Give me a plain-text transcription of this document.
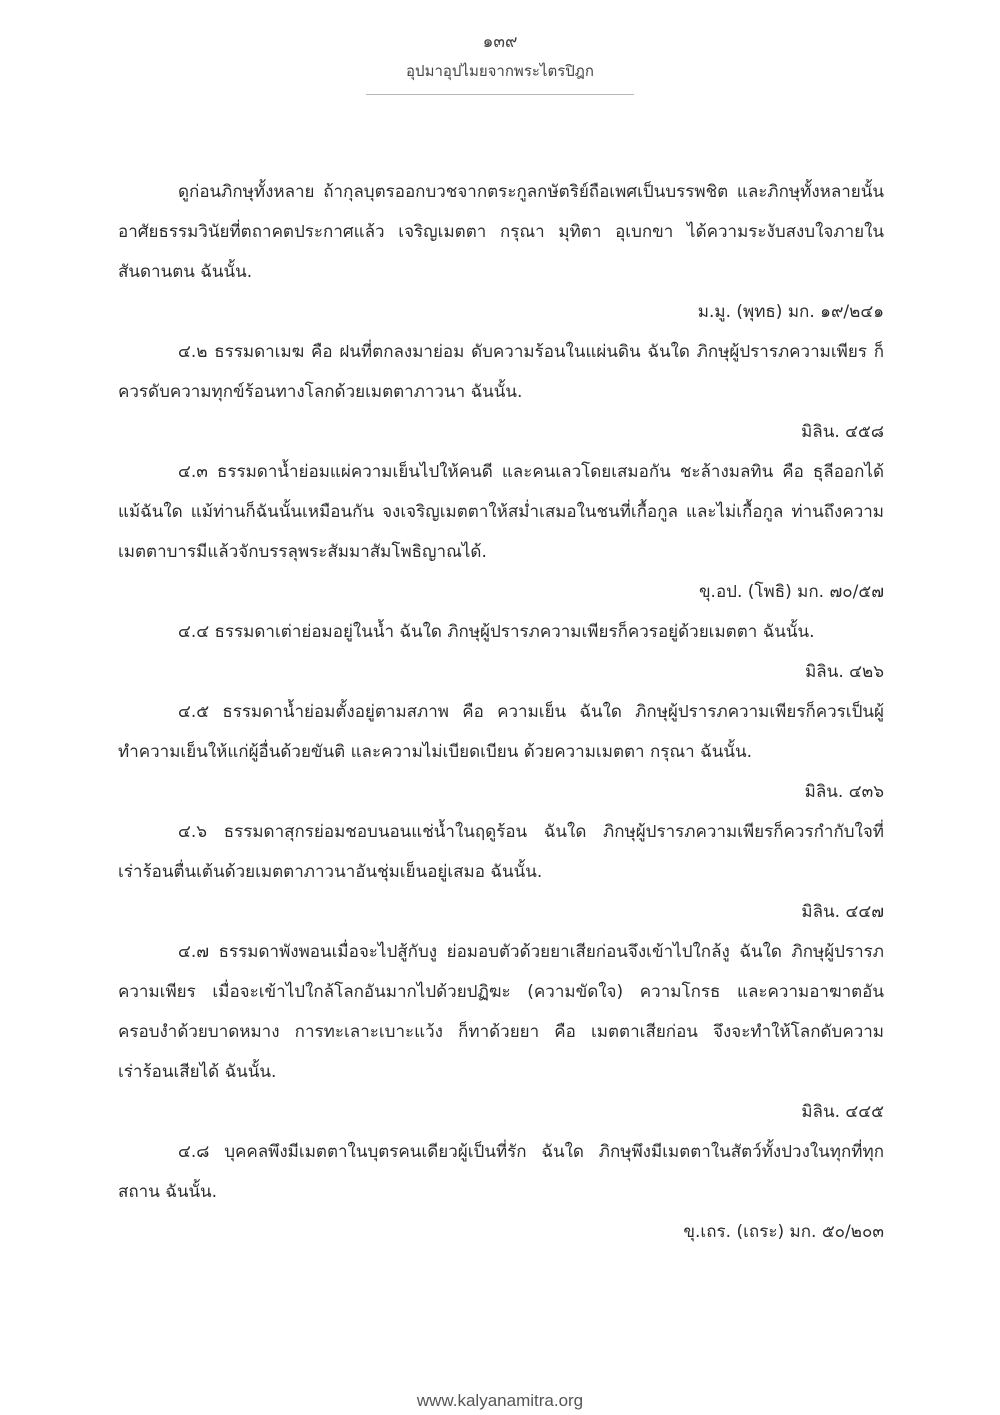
๑๓๙
อุปมาอุปไมยจากพระไตรปิฎก

ดูก่อนภิกษุทั้งหลาย ถ้ากุลบุตรออกบวชจากตระกูลกษัตริย์ถือเพศเป็นบรรพชิต และภิกษุทั้งหลายนั้นอาศัยธรรมวินัยที่ตถาคตประกาศแล้ว เจริญเมตตา กรุณา มุทิตา อุเบกขา ได้ความระงับสงบใจภายในสันดานตน ฉันนั้น.

ม.มู. (พุทธ) มก. ๑๙/๒๔๑

๔.๒ ธรรมดาเมฆ คือ ฝนที่ตกลงมาย่อม ดับความร้อนในแผ่นดิน ฉันใด ภิกษุผู้ปรารภความเพียร ก็ควรดับความทุกข์ร้อนทางโลกด้วยเมตตาภาวนา ฉันนั้น.

มิลิน. ๔๕๘

๔.๓ ธรรมดาน้ำย่อมแผ่ความเย็นไปให้คนดี และคนเลวโดยเสมอกัน ชะล้างมลทิน คือ ธุลีออกได้ แม้ฉันใด แม้ท่านก็ฉันนั้นเหมือนกัน จงเจริญเมตตาให้สม่ำเสมอในชนที่เกื้อกูล และไม่เกื้อกูล ท่านถึงความเมตตาบารมีแล้วจักบรรลุพระสัมมาสัมโพธิญาณได้.

ขุ.อป. (โพธิ) มก. ๗๐/๕๗

๔.๔ ธรรมดาเต่าย่อมอยู่ในน้ำ ฉันใด ภิกษุผู้ปรารภความเพียรก็ควรอยู่ด้วยเมตตา ฉันนั้น.

มิลิน. ๔๒๖

๔.๕ ธรรมดาน้ำย่อมตั้งอยู่ตามสภาพ คือ ความเย็น ฉันใด ภิกษุผู้ปรารภความเพียรก็ควรเป็นผู้ทำความเย็นให้แก่ผู้อื่นด้วยขันติ และความไม่เบียดเบียน ด้วยความเมตตา กรุณา ฉันนั้น.

มิลิน. ๔๓๖

๔.๖ ธรรมดาสุกรย่อมชอบนอนแช่น้ำในฤดูร้อน ฉันใด ภิกษุผู้ปรารภความเพียรก็ควรกำกับใจที่เร่าร้อนตื่นเต้นด้วยเมตตาภาวนาอันชุ่มเย็นอยู่เสมอ ฉันนั้น.

มิลิน. ๔๔๗

๔.๗ ธรรมดาพังพอนเมื่อจะไปสู้กับงู ย่อมอบตัวด้วยยาเสียก่อนจึงเข้าไปใกล้งู ฉันใด ภิกษุผู้ปรารภความเพียร เมื่อจะเข้าไปใกล้โลกอันมากไปด้วยปฏิฆะ (ความขัดใจ) ความโกรธ และความอาฆาตอันครอบงำด้วยบาดหมาง การทะเลาะเบาะแว้ง ก็ทาด้วยยา คือ เมตตาเสียก่อน จึงจะทำให้โลกดับความเร่าร้อนเสียได้ ฉันนั้น.

มิลิน. ๔๔๕

๔.๘ บุคคลพึงมีเมตตาในบุตรคนเดียวผู้เป็นที่รัก ฉันใด ภิกษุพึงมีเมตตาในสัตว์ทั้งปวงในทุกที่ทุกสถาน ฉันนั้น.

ขุ.เถร. (เถระ) มก. ๕๐/๒๐๓

www.kalyanamitra.org
